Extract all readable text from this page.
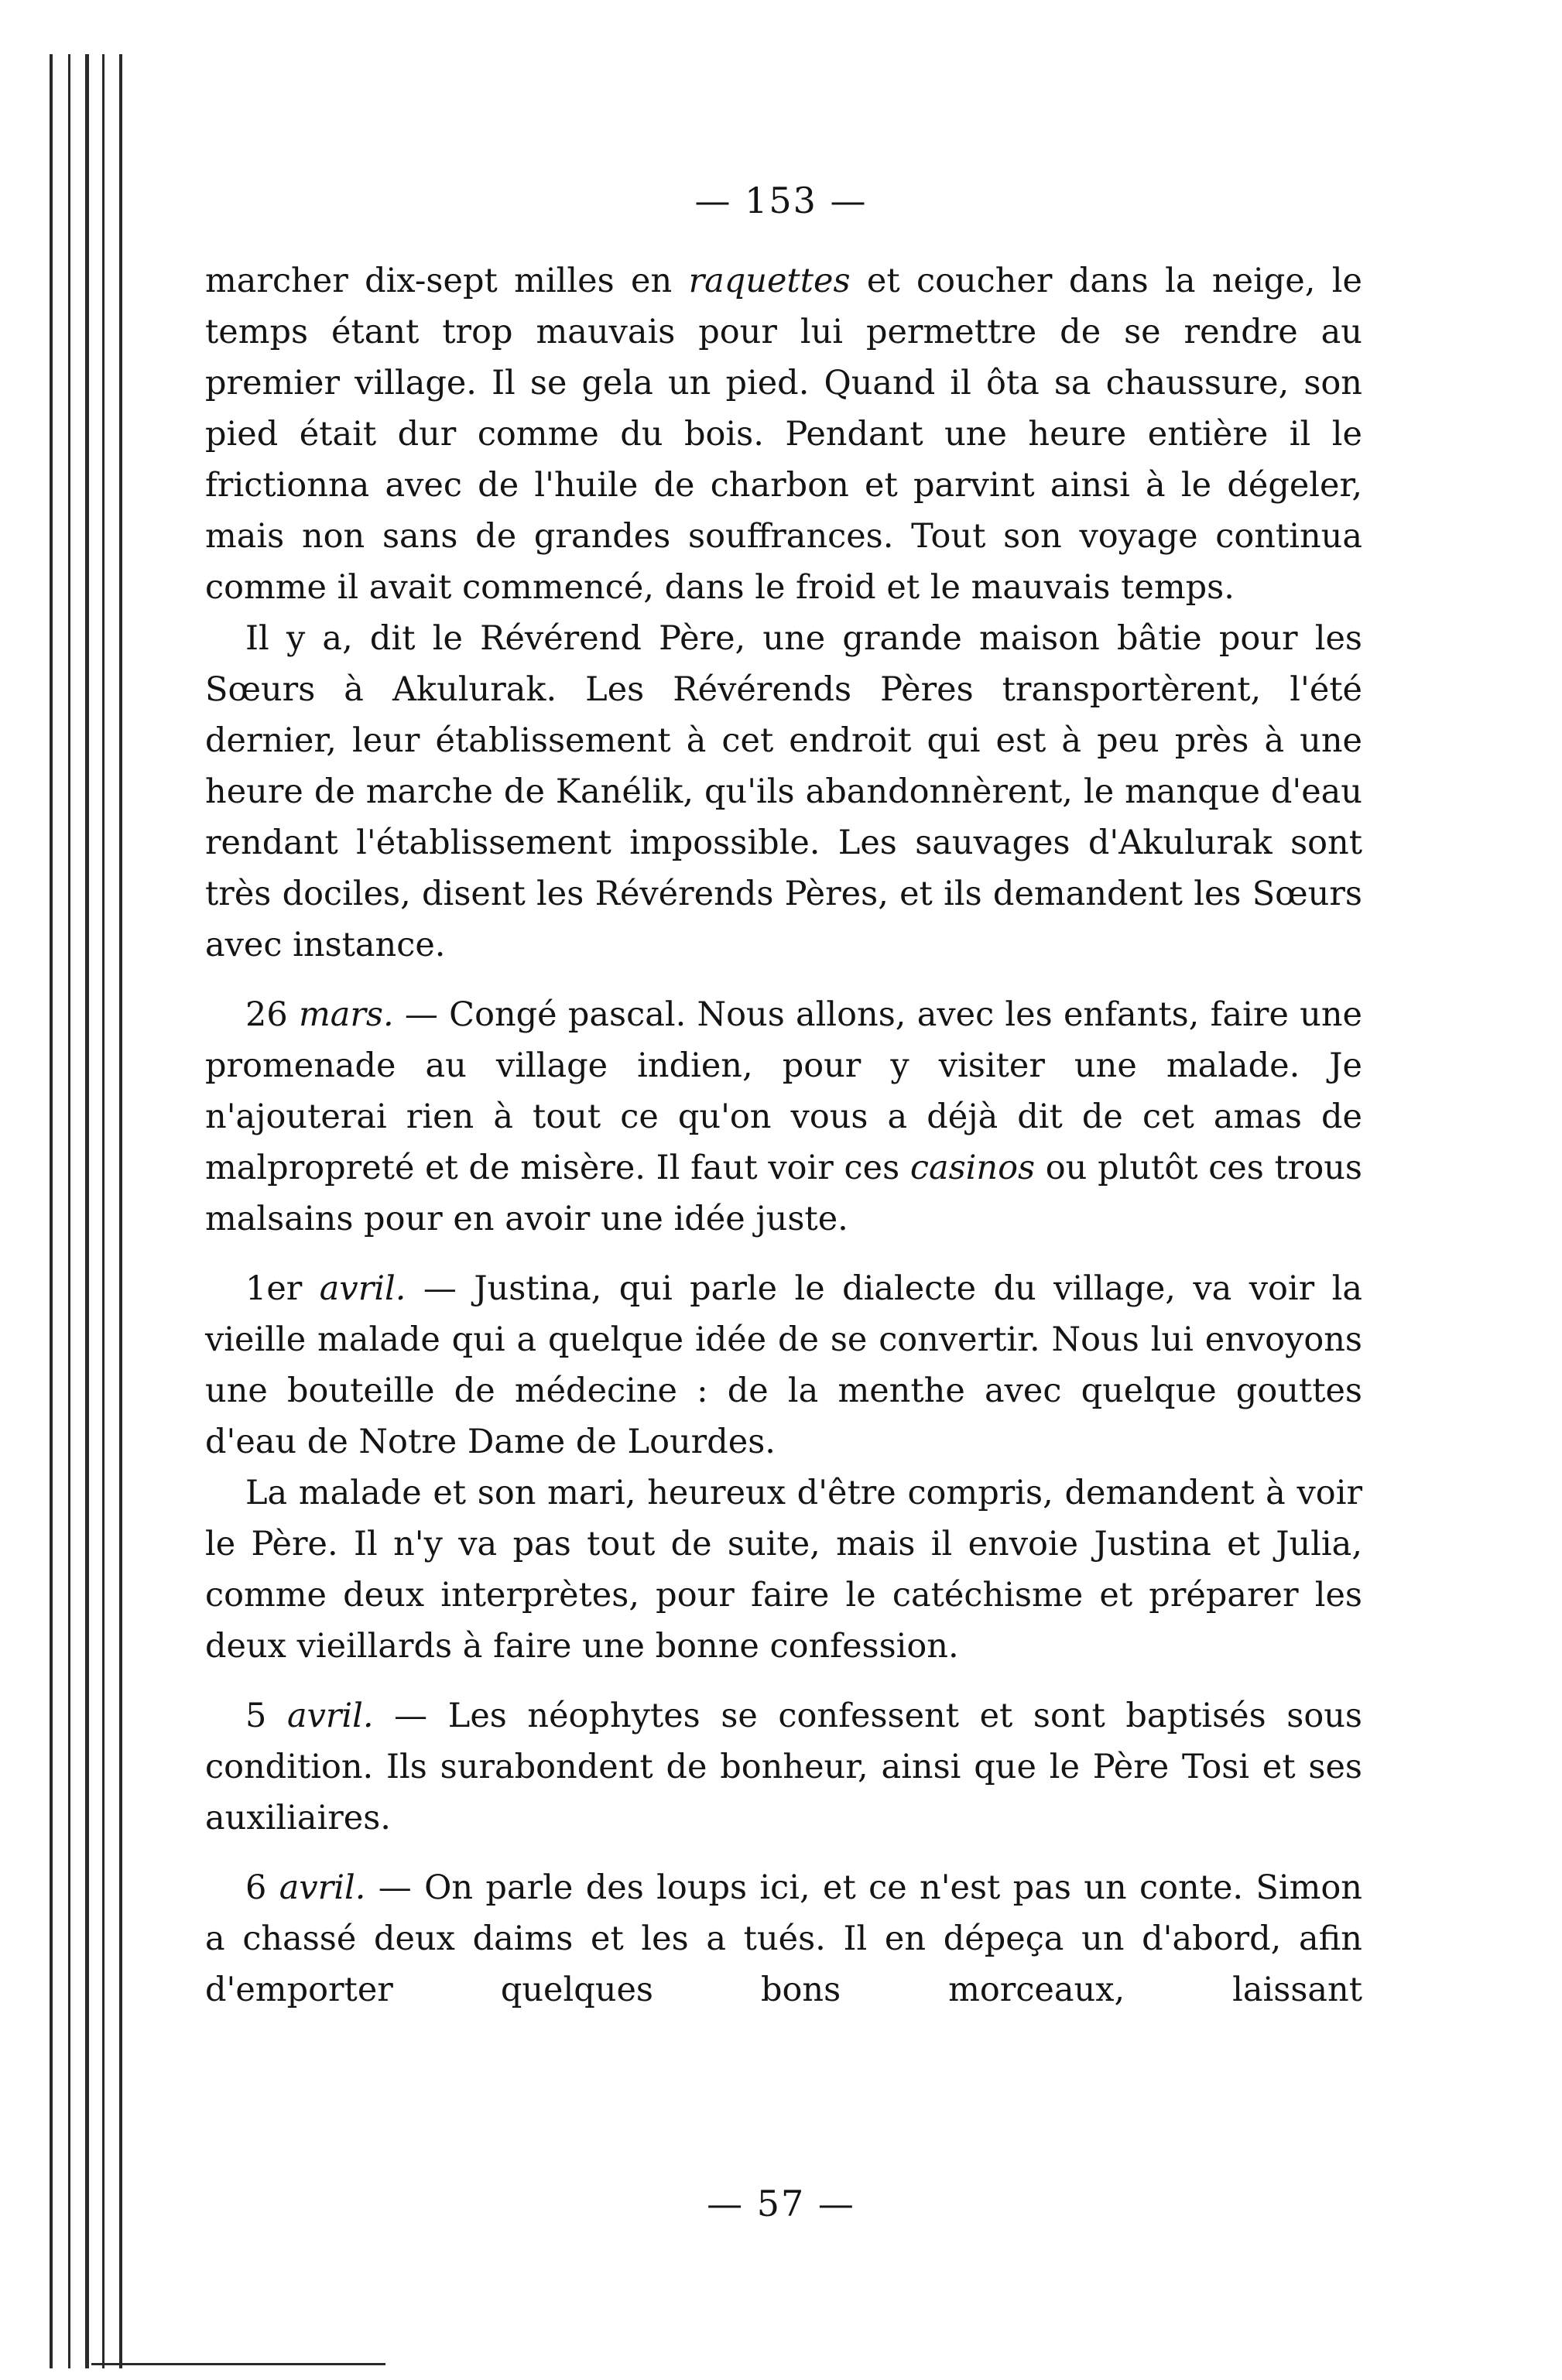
— 153 —

marcher dix-sept milles en raquettes et coucher dans la neige, le temps étant trop mauvais pour lui permettre de se rendre au premier village. Il se gela un pied. Quand il ôta sa chaussure, son pied était dur comme du bois. Pendant une heure entière il le frictionna avec de l'huile de charbon et parvint ainsi à le dégeler, mais non sans de grandes souffrances. Tout son voyage continua comme il avait commencé, dans le froid et le mauvais temps.

Il y a, dit le Révérend Père, une grande maison bâtie pour les Sœurs à Akulurak. Les Révérends Pères transportèrent, l'été dernier, leur établissement à cet endroit qui est à peu près à une heure de marche de Kanélik, qu'ils abandonnèrent, le manque d'eau rendant l'établissement impossible. Les sauvages d'Akulurak sont très dociles, disent les Révérends Pères, et ils demandent les Sœurs avec instance.

26 mars. — Congé pascal. Nous allons, avec les enfants, faire une promenade au village indien, pour y visiter une malade. Je n'ajouterai rien à tout ce qu'on vous a déjà dit de cet amas de malpropreté et de misère. Il faut voir ces casinos ou plutôt ces trous malsains pour en avoir une idée juste.

1er avril. — Justina, qui parle le dialecte du village, va voir la vieille malade qui a quelque idée de se convertir. Nous lui envoyons une bouteille de médecine : de la menthe avec quelque gouttes d'eau de Notre Dame de Lourdes.

La malade et son mari, heureux d'être compris, demandent à voir le Père. Il n'y va pas tout de suite, mais il envoie Justina et Julia, comme deux interprètes, pour faire le catéchisme et préparer les deux vieillards à faire une bonne confession.

5 avril. — Les néophytes se confessent et sont baptisés sous condition. Ils surabondent de bonheur, ainsi que le Père Tosi et ses auxiliaires.

6 avril. — On parle des loups ici, et ce n'est pas un conte. Simon a chassé deux daims et les a tués. Il en dépeça un d'abord, afin d'emporter quelques bons morceaux, laissant

— 57 —
